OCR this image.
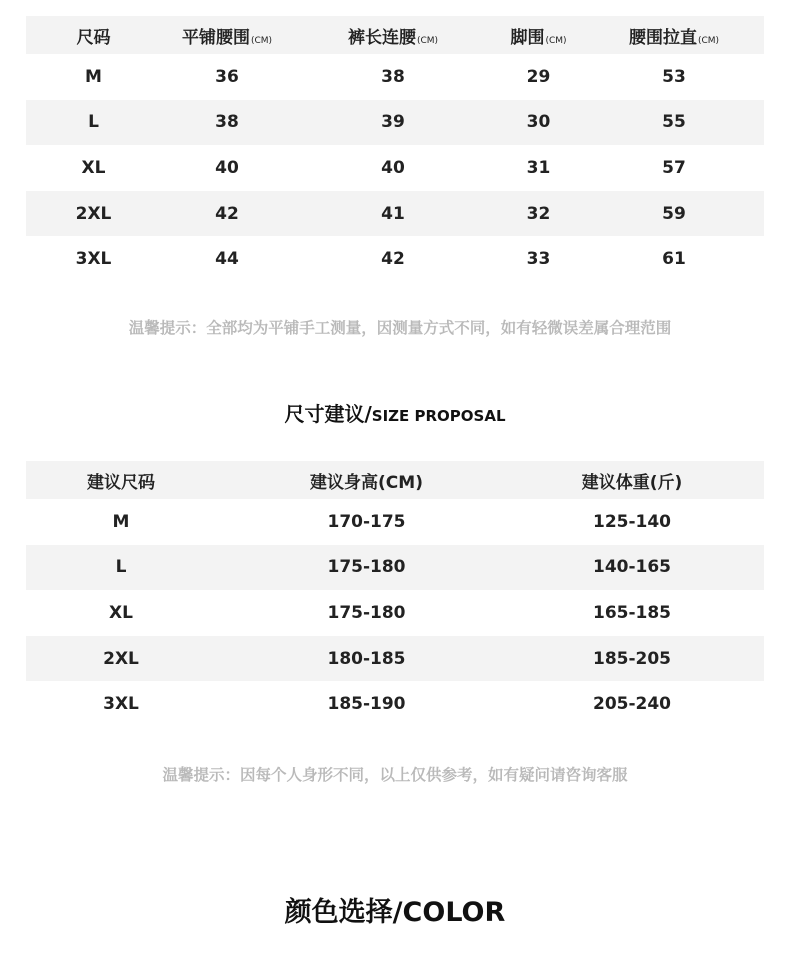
尺码	平铺腰围(CM)	裤长连腰(CM)	脚围(CM)	腰围拉直(CM)
M	36	38	29	53
L	38	39	30	55
XL	40	40	31	57
2XL	42	41	32	59
3XL	44	42	33	61
温馨提示：全部均为平铺手工测量，因测量方式不同，如有轻微误差属合理范围
尺寸建议/SIZE PROPOSAL
建议尺码	建议身高(CM)	建议体重(斤)
M	170-175	125-140
L	175-180	140-165
XL	175-180	165-185
2XL	180-185	185-205
3XL	185-190	205-240
温馨提示：因每个人身形不同，以上仅供参考，如有疑问请咨询客服
颜色选择/COLOR
